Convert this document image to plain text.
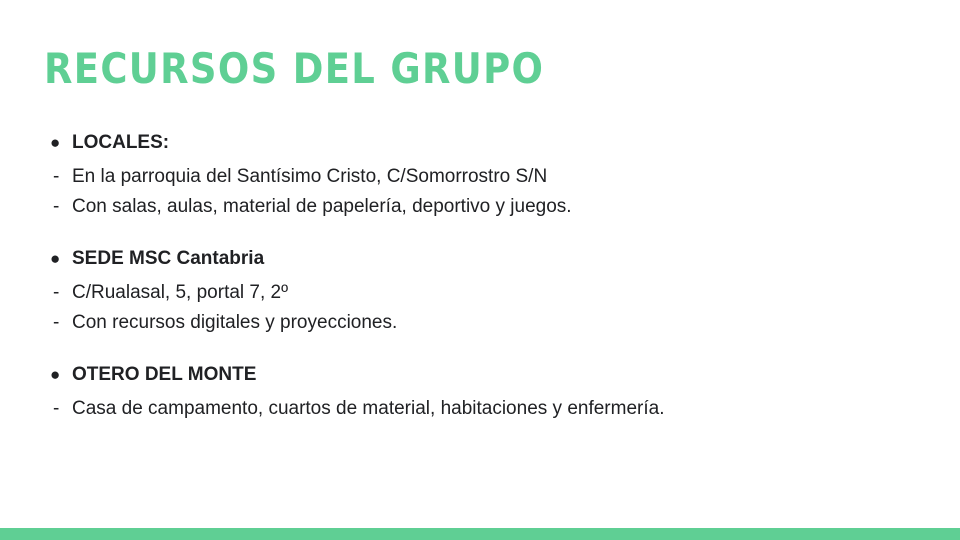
RECURSOS DEL GRUPO
● LOCALES:
- En la parroquia del Santísimo Cristo, C/Somorrostro S/N
- Con salas, aulas, material de papelería, deportivo y juegos.
● SEDE MSC Cantabria
- C/Rualasal, 5, portal 7, 2º
- Con recursos digitales y proyecciones.
● OTERO DEL MONTE
- Casa de campamento, cuartos de material, habitaciones y enfermería.
